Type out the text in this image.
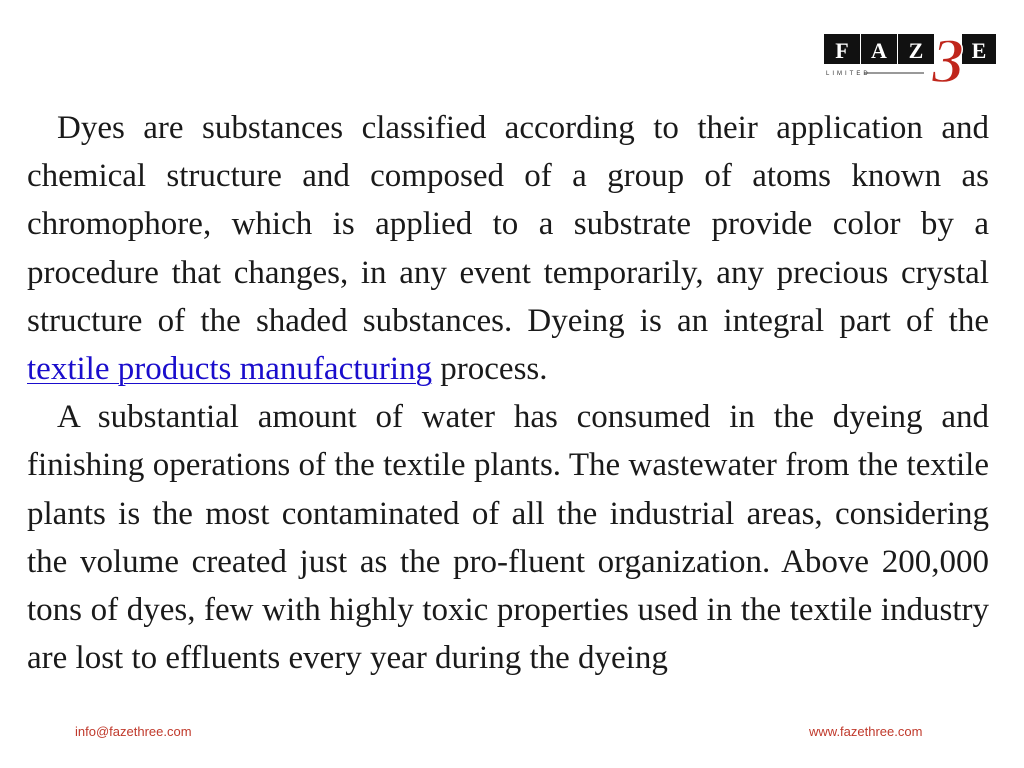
F A Z E
3
LIMITED

Dyes are substances classified according to their application and chemical structure and composed of a group of atoms known as chromophore, which is applied to a substrate provide color by a procedure that changes, in any event temporarily, any precious crystal structure of the shaded substances. Dyeing is an integral part of the textile products manufacturing process.

A substantial amount of water has consumed in the dyeing and finishing operations of the textile plants. The wastewater from the textile plants is the most contaminated of all the industrial areas, considering the volume created just as the pro-fluent organization. Above 200,000 tons of dyes, few with highly toxic properties used in the textile industry are lost to effluents every year during the dyeing

info@fazethree.com	www.fazethree.com
